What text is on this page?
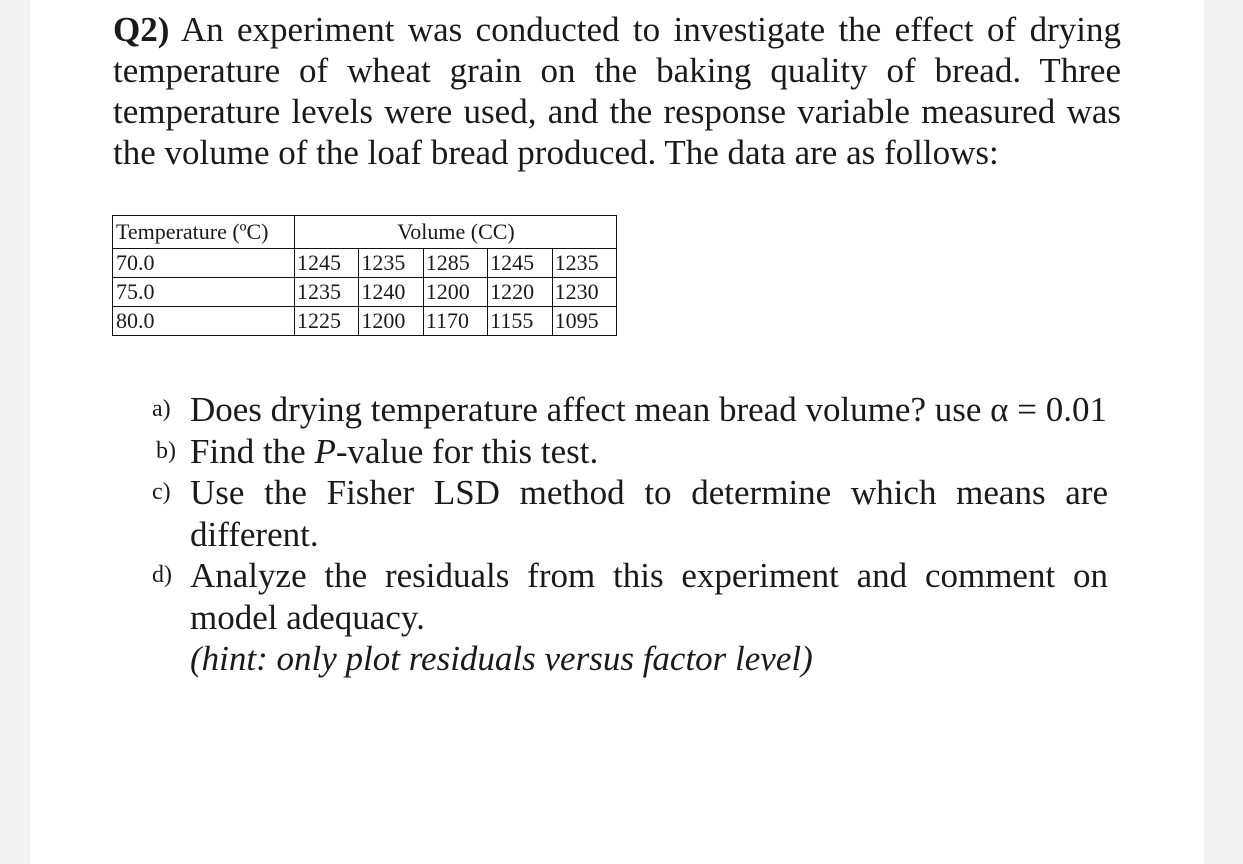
Q2) An experiment was conducted to investigate the effect of drying temperature of wheat grain on the baking quality of bread. Three temperature levels were used, and the response variable measured was the volume of the loaf bread produced. The data are as follows:

Temperature (ºC)	Volume (CC)				
70.0	1245	1235	1285	1245	1235
75.0	1235	1240	1200	1220	1230
80.0	1225	1200	1170	1155	1095
a) Does drying temperature affect mean bread volume? use α = 0.01
b) Find the P-value for this test.
c) Use the Fisher LSD method to determine which means are different.
d) Analyze the residuals from this experiment and comment on model adequacy.
(hint: only plot residuals versus factor level)
